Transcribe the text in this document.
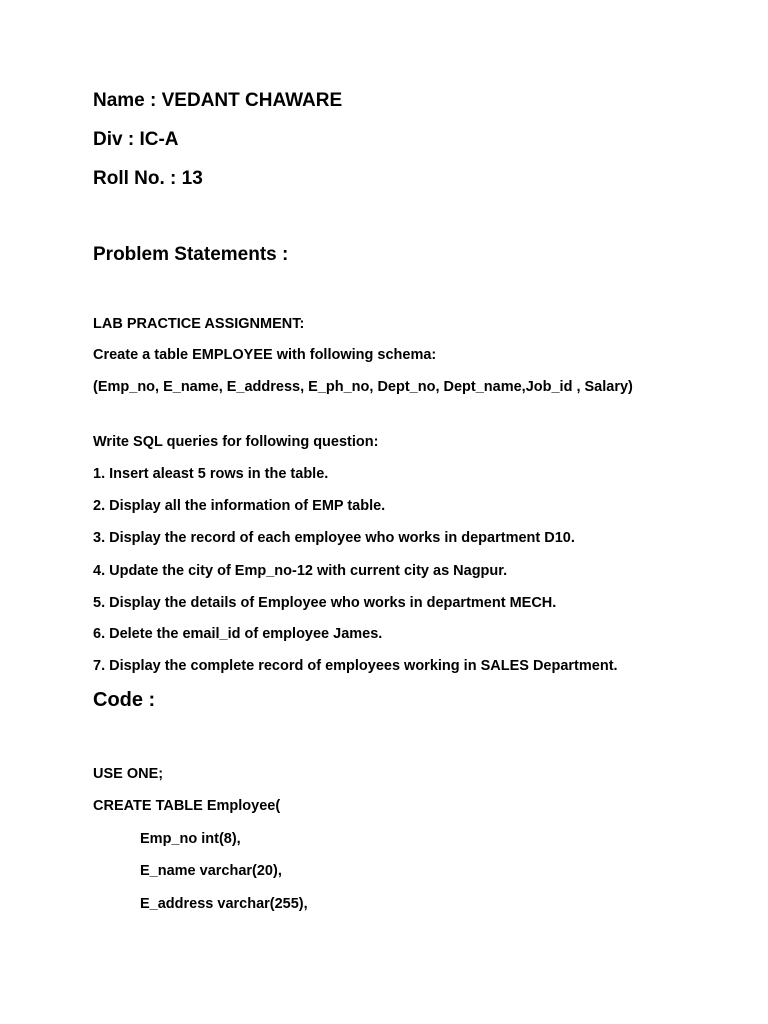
Name : VEDANT CHAWARE

Div : IC-A

Roll No. : 13

Problem Statements :

LAB PRACTICE ASSIGNMENT:

Create a table EMPLOYEE with following schema:

(Emp_no, E_name, E_address, E_ph_no, Dept_no, Dept_name,Job_id , Salary)

Write SQL queries for following question:

1. Insert aleast 5 rows in the table.

2. Display all the information of EMP table.

3. Display the record of each employee who works in department D10.

4. Update the city of Emp_no-12 with current city as Nagpur.

5. Display the details of Employee who works in department MECH.

6. Delete the email_id of employee James.

7. Display the complete record of employees working in SALES Department.

Code :

USE ONE;

CREATE TABLE Employee(

Emp_no int(8),

E_name varchar(20),

E_address varchar(255),
